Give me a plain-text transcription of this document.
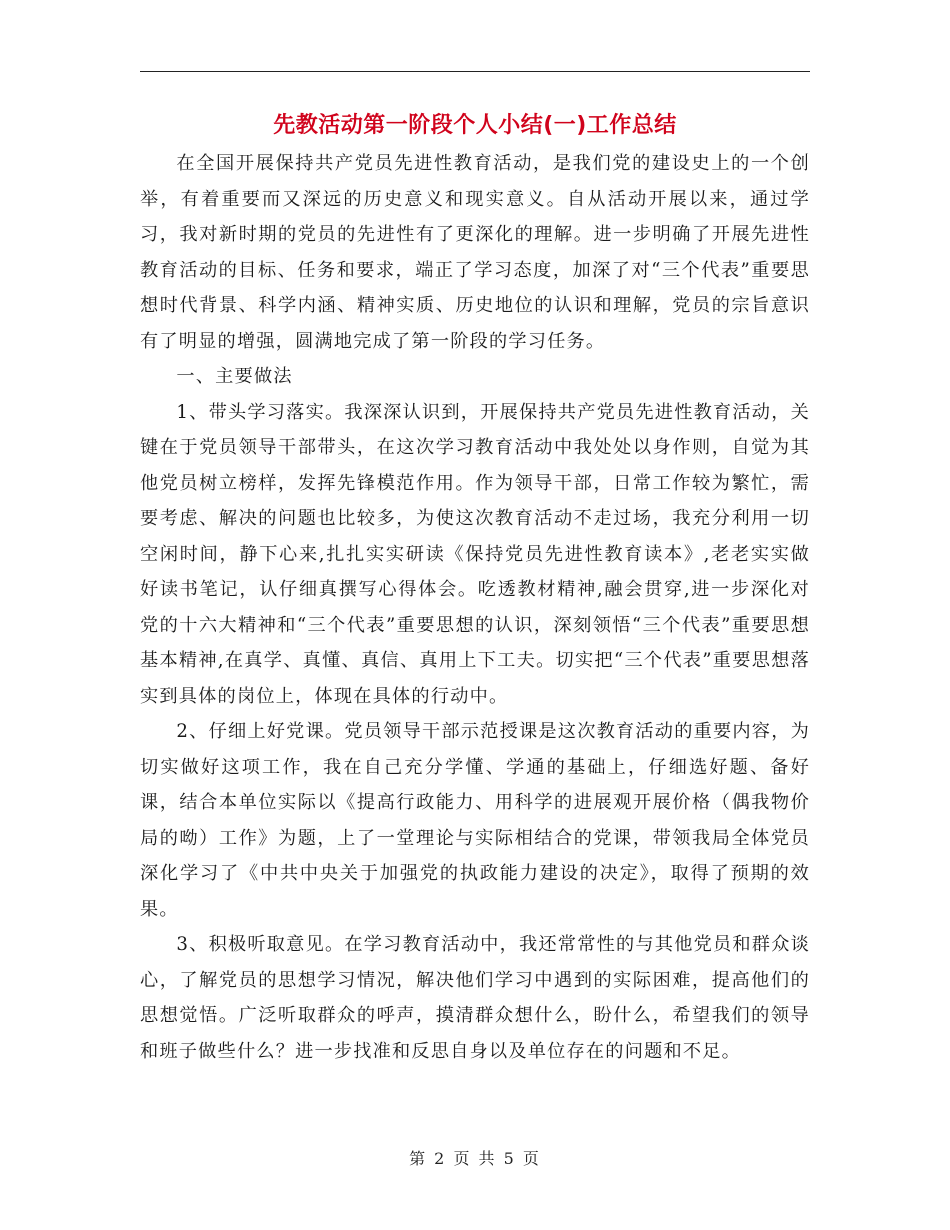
先教活动第一阶段个人小结(一)工作总结

在全国开展保持共产党员先进性教育活动，是我们党的建设史上的一个创举，有着重要而又深远的历史意义和现实意义。自从活动开展以来，通过学习，我对新时期的党员的先进性有了更深化的理解。进一步明确了开展先进性教育活动的目标、任务和要求，端正了学习态度，加深了对“三个代表”重要思想时代背景、科学内涵、精神实质、历史地位的认识和理解，党员的宗旨意识有了明显的增强，圆满地完成了第一阶段的学习任务。

一、主要做法

1、带头学习落实。我深深认识到，开展保持共产党员先进性教育活动，关键在于党员领导干部带头，在这次学习教育活动中我处处以身作则，自觉为其他党员树立榜样，发挥先锋模范作用。作为领导干部，日常工作较为繁忙，需要考虑、解决的问题也比较多，为使这次教育活动不走过场，我充分利用一切空闲时间，静下心来,扎扎实实研读《保持党员先进性教育读本》,老老实实做好读书笔记，认仔细真撰写心得体会。吃透教材精神,融会贯穿,进一步深化对党的十六大精神和“三个代表”重要思想的认识，深刻领悟“三个代表”重要思想基本精神,在真学、真懂、真信、真用上下工夫。切实把“三个代表”重要思想落实到具体的岗位上，体现在具体的行动中。

2、仔细上好党课。党员领导干部示范授课是这次教育活动的重要内容，为切实做好这项工作，我在自己充分学懂、学通的基础上，仔细选好题、备好课，结合本单位实际以《提高行政能力、用科学的进展观开展价格（偶我物价局的呦）工作》为题，上了一堂理论与实际相结合的党课，带领我局全体党员深化学习了《中共中央关于加强党的执政能力建设的决定》，取得了预期的效果。

3、积极听取意见。在学习教育活动中，我还常常性的与其他党员和群众谈心，了解党员的思想学习情况，解决他们学习中遇到的实际困难，提高他们的思想觉悟。广泛听取群众的呼声，摸清群众想什么，盼什么，希望我们的领导和班子做些什么？进一步找准和反思自身以及单位存在的问题和不足。

第 2 页 共 5 页
